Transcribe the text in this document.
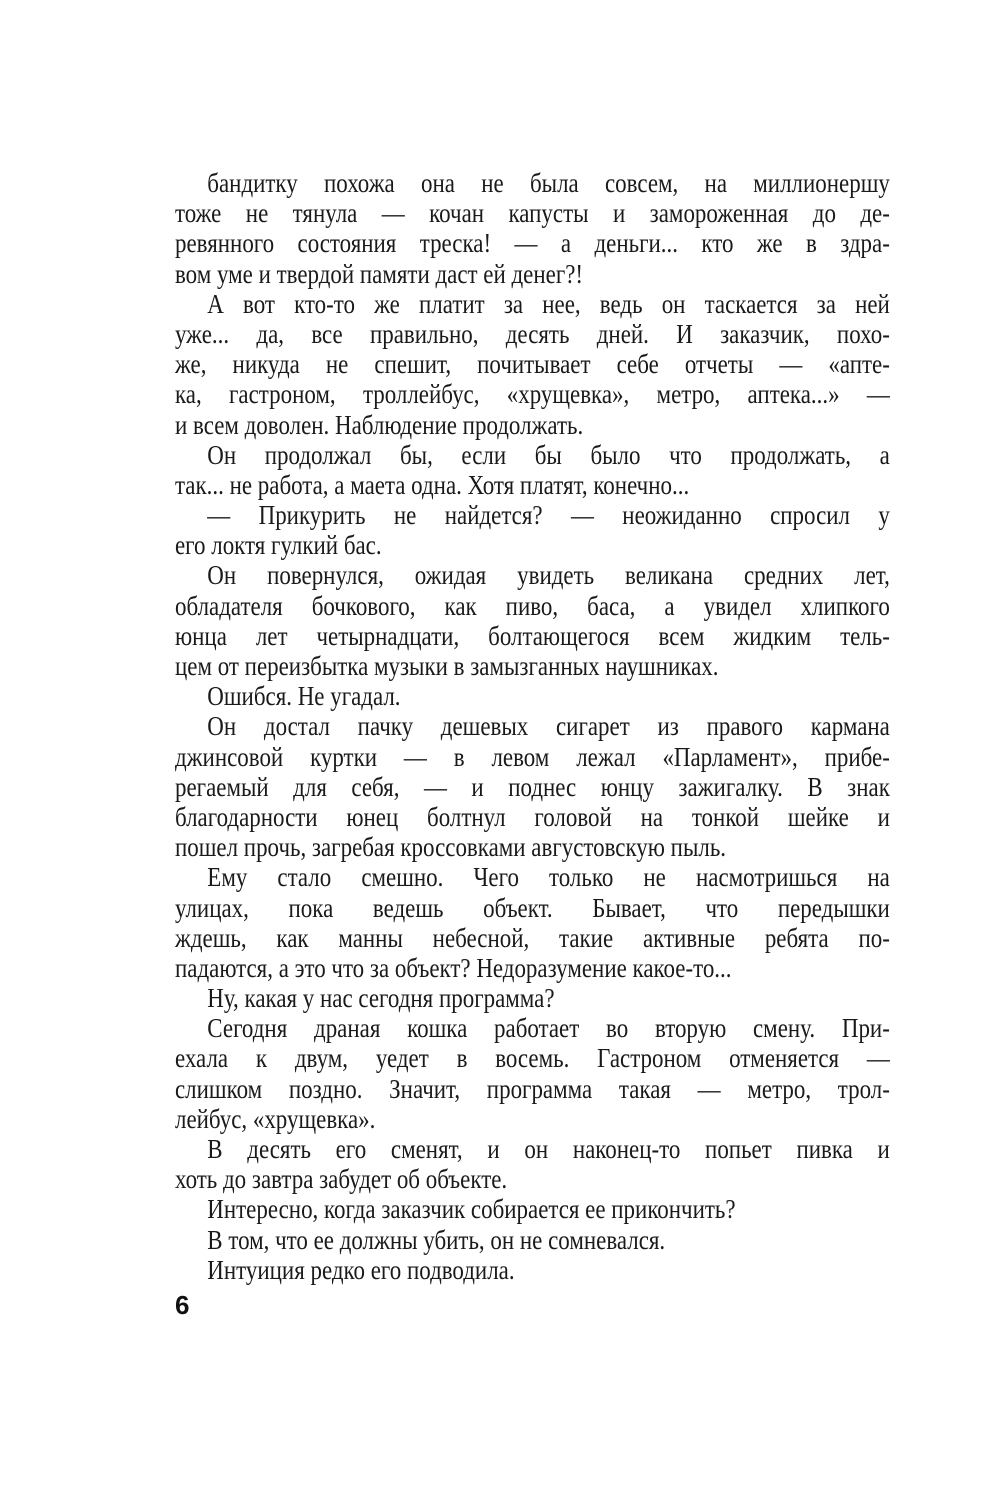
бандитку похожа она не была совсем, на миллионершу
тоже не тянула — кочан капусты и замороженная до де-
ревянного состояния треска! — а деньги... кто же в здра-
вом уме и твердой памяти даст ей денег?!
А вот кто-то же платит за нее, ведь он таскается за ней
уже... да, все правильно, десять дней. И заказчик, похо-
же, никуда не спешит, почитывает себе отчеты — «апте-
ка, гастроном, троллейбус, «хрущевка», метро, аптека...» —
и всем доволен. Наблюдение продолжать.
Он продолжал бы, если бы было что продолжать, а
так... не работа, а маета одна. Хотя платят, конечно...
— Прикурить не найдется? — неожиданно спросил у
его локтя гулкий бас.
Он повернулся, ожидая увидеть великана средних лет,
обладателя бочкового, как пиво, баса, а увидел хлипкого
юнца лет четырнадцати, болтающегося всем жидким тель-
цем от переизбытка музыки в замызганных наушниках.
Ошибся. Не угадал.
Он достал пачку дешевых сигарет из правого кармана
джинсовой куртки — в левом лежал «Парламент», прибе-
регаемый для себя, — и поднес юнцу зажигалку. В знак
благодарности юнец болтнул головой на тонкой шейке и
пошел прочь, загребая кроссовками августовскую пыль.
Ему стало смешно. Чего только не насмотришься на
улицах, пока ведешь объект. Бывает, что передышки
ждешь, как манны небесной, такие активные ребята по-
падаются, а это что за объект? Недоразумение какое-то...
Ну, какая у нас сегодня программа?
Сегодня драная кошка работает во вторую смену. При-
ехала к двум, уедет в восемь. Гастроном отменяется —
слишком поздно. Значит, программа такая — метро, трол-
лейбус, «хрущевка».
В десять его сменят, и он наконец-то попьет пивка и
хоть до завтра забудет об объекте.
Интересно, когда заказчик собирается ее прикончить?
В том, что ее должны убить, он не сомневался.
Интуиция редко его подводила.
6
